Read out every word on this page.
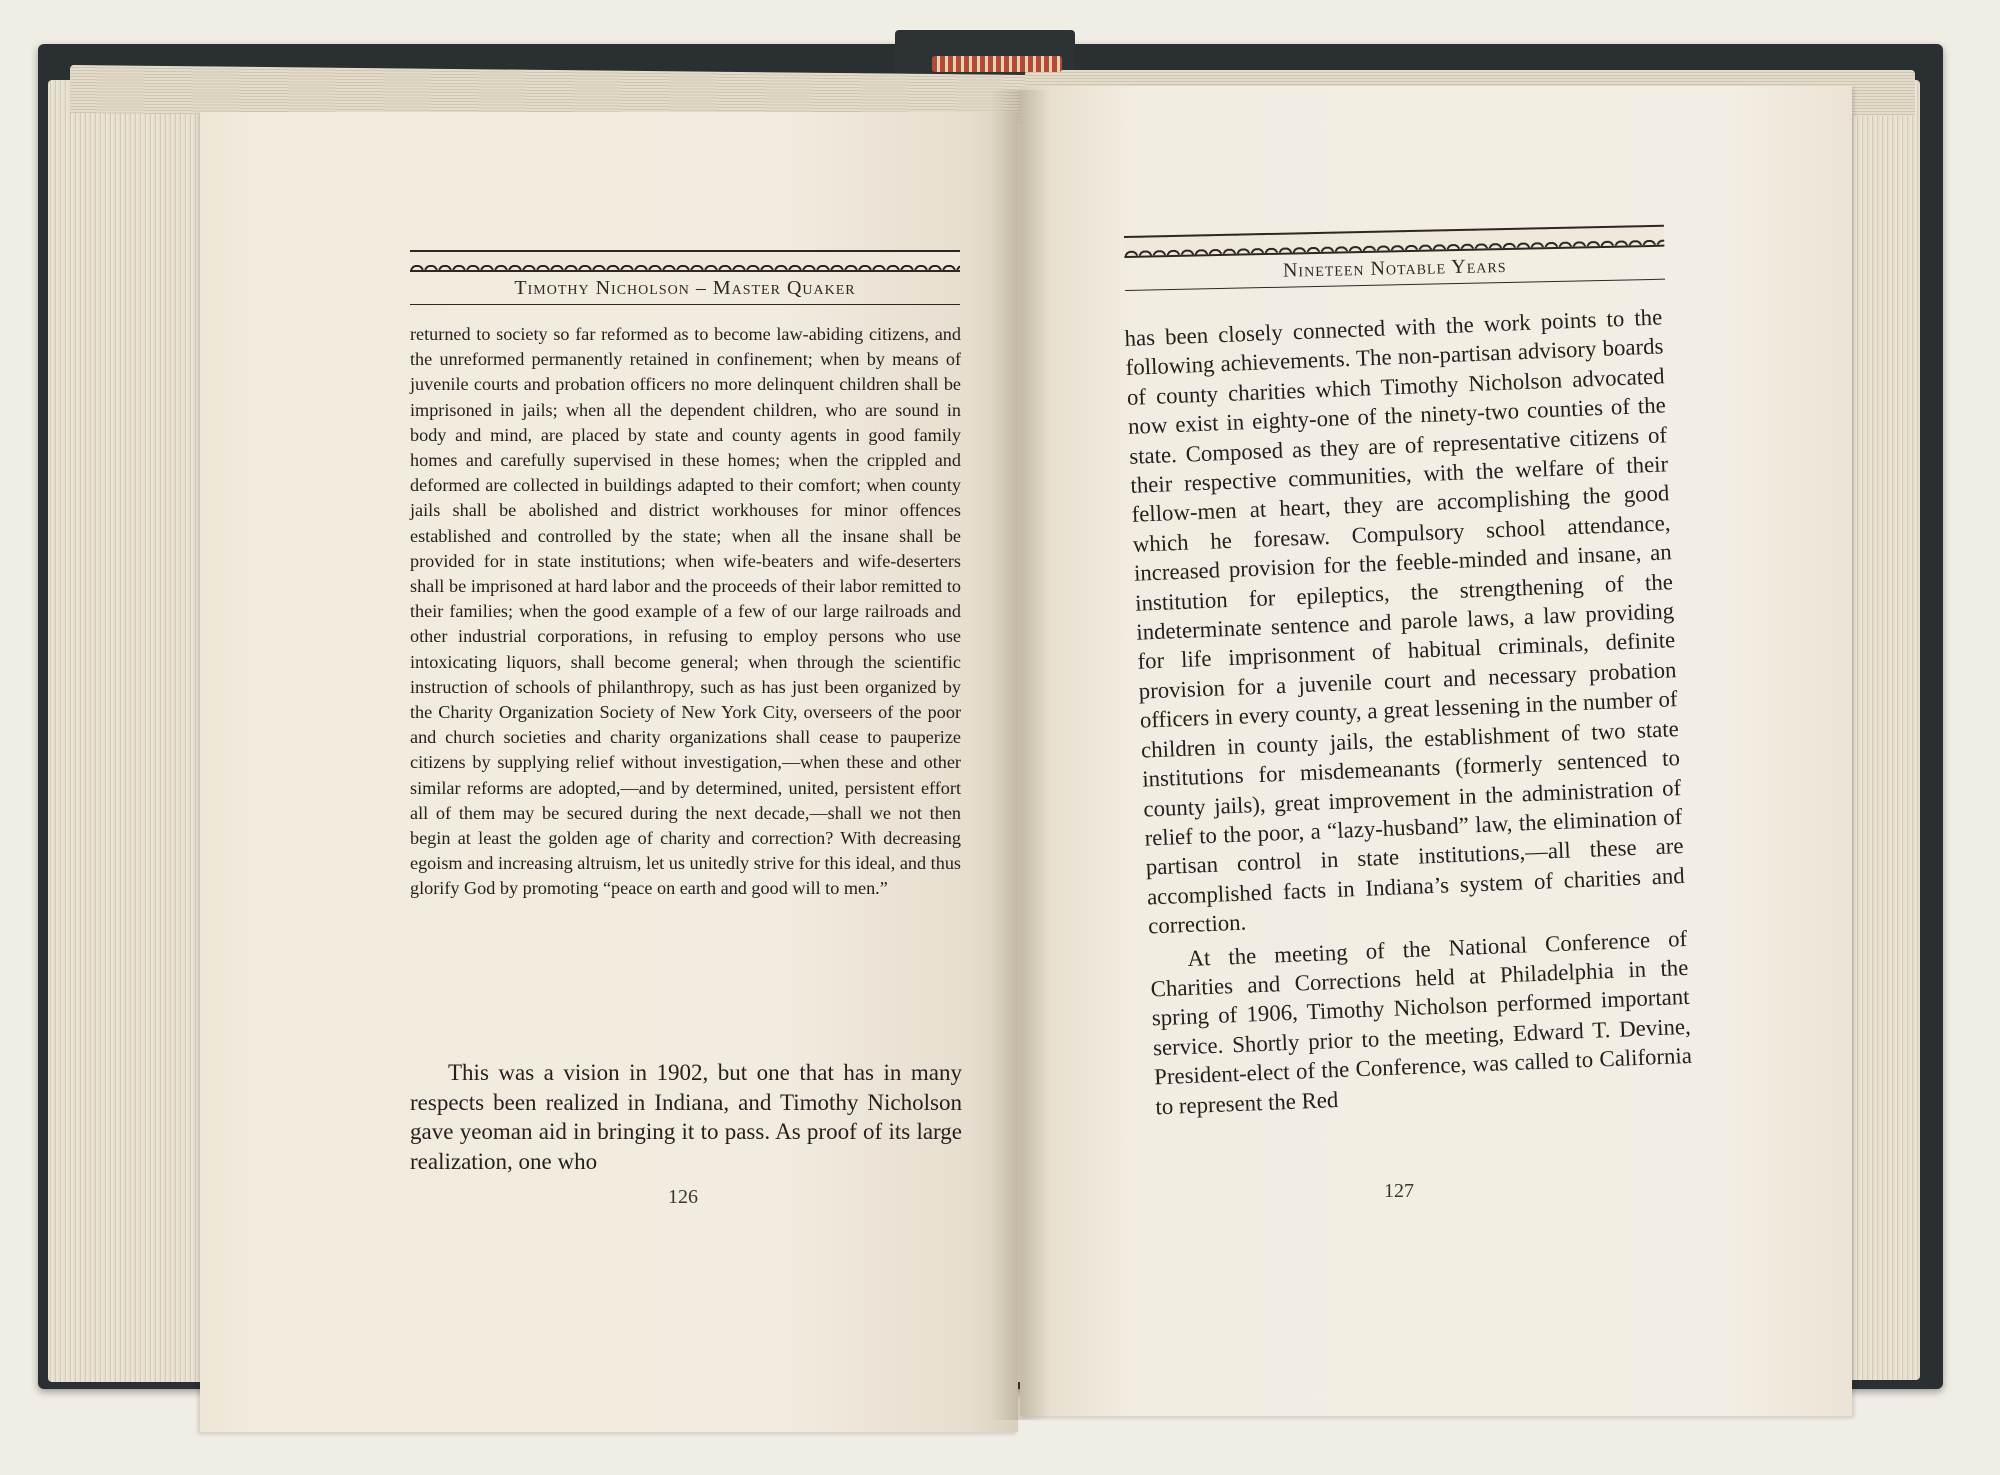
Timothy Nicholson – Master Quaker

returned to society so far reformed as to become law-abiding citizens, and the unreformed permanently retained in confinement; when by means of juvenile courts and probation officers no more delinquent children shall be imprisoned in jails; when all the dependent children, who are sound in body and mind, are placed by state and county agents in good family homes and carefully supervised in these homes; when the crippled and deformed are collected in buildings adapted to their comfort; when county jails shall be abolished and district workhouses for minor offences established and controlled by the state; when all the insane shall be provided for in state institutions; when wife-beaters and wife-deserters shall be imprisoned at hard labor and the proceeds of their labor remitted to their families; when the good example of a few of our large railroads and other industrial corporations, in refusing to employ persons who use intoxicating liquors, shall become general; when through the scientific instruction of schools of philanthropy, such as has just been organized by the Charity Organization Society of New York City, overseers of the poor and church societies and charity organizations shall cease to pauperize citizens by supplying relief without investigation,—when these and other similar reforms are adopted,—and by determined, united, persistent effort all of them may be secured during the next decade,—shall we not then begin at least the golden age of charity and correction? With decreasing egoism and increasing altruism, let us unitedly strive for this ideal, and thus glorify God by promoting “peace on earth and good will to men.”

This was a vision in 1902, but one that has in many respects been realized in Indiana, and Timothy Nicholson gave yeoman aid in bringing it to pass. As proof of its large realization, one who

126
Nineteen Notable Years

has been closely connected with the work points to the following achievements. The non-partisan advisory boards of county charities which Timothy Nicholson advocated now exist in eighty-one of the ninety-two counties of the state. Composed as they are of representative citizens of their respective communities, with the welfare of their fellow-men at heart, they are accomplishing the good which he foresaw. Compulsory school attendance, increased provision for the feeble-minded and insane, an institution for epileptics, the strengthening of the indeterminate sentence and parole laws, a law providing for life imprisonment of habitual criminals, definite provision for a juvenile court and necessary probation officers in every county, a great lessening in the number of children in county jails, the establishment of two state institutions for misdemeanants (formerly sentenced to county jails), great improvement in the administration of relief to the poor, a “lazy-husband” law, the elimination of partisan control in state institutions,—all these are accomplished facts in Indiana’s system of charities and correction.

At the meeting of the National Conference of Charities and Corrections held at Philadelphia in the spring of 1906, Timothy Nicholson performed important service. Shortly prior to the meeting, Edward T. Devine, President-elect of the Conference, was called to California to represent the Red

127
